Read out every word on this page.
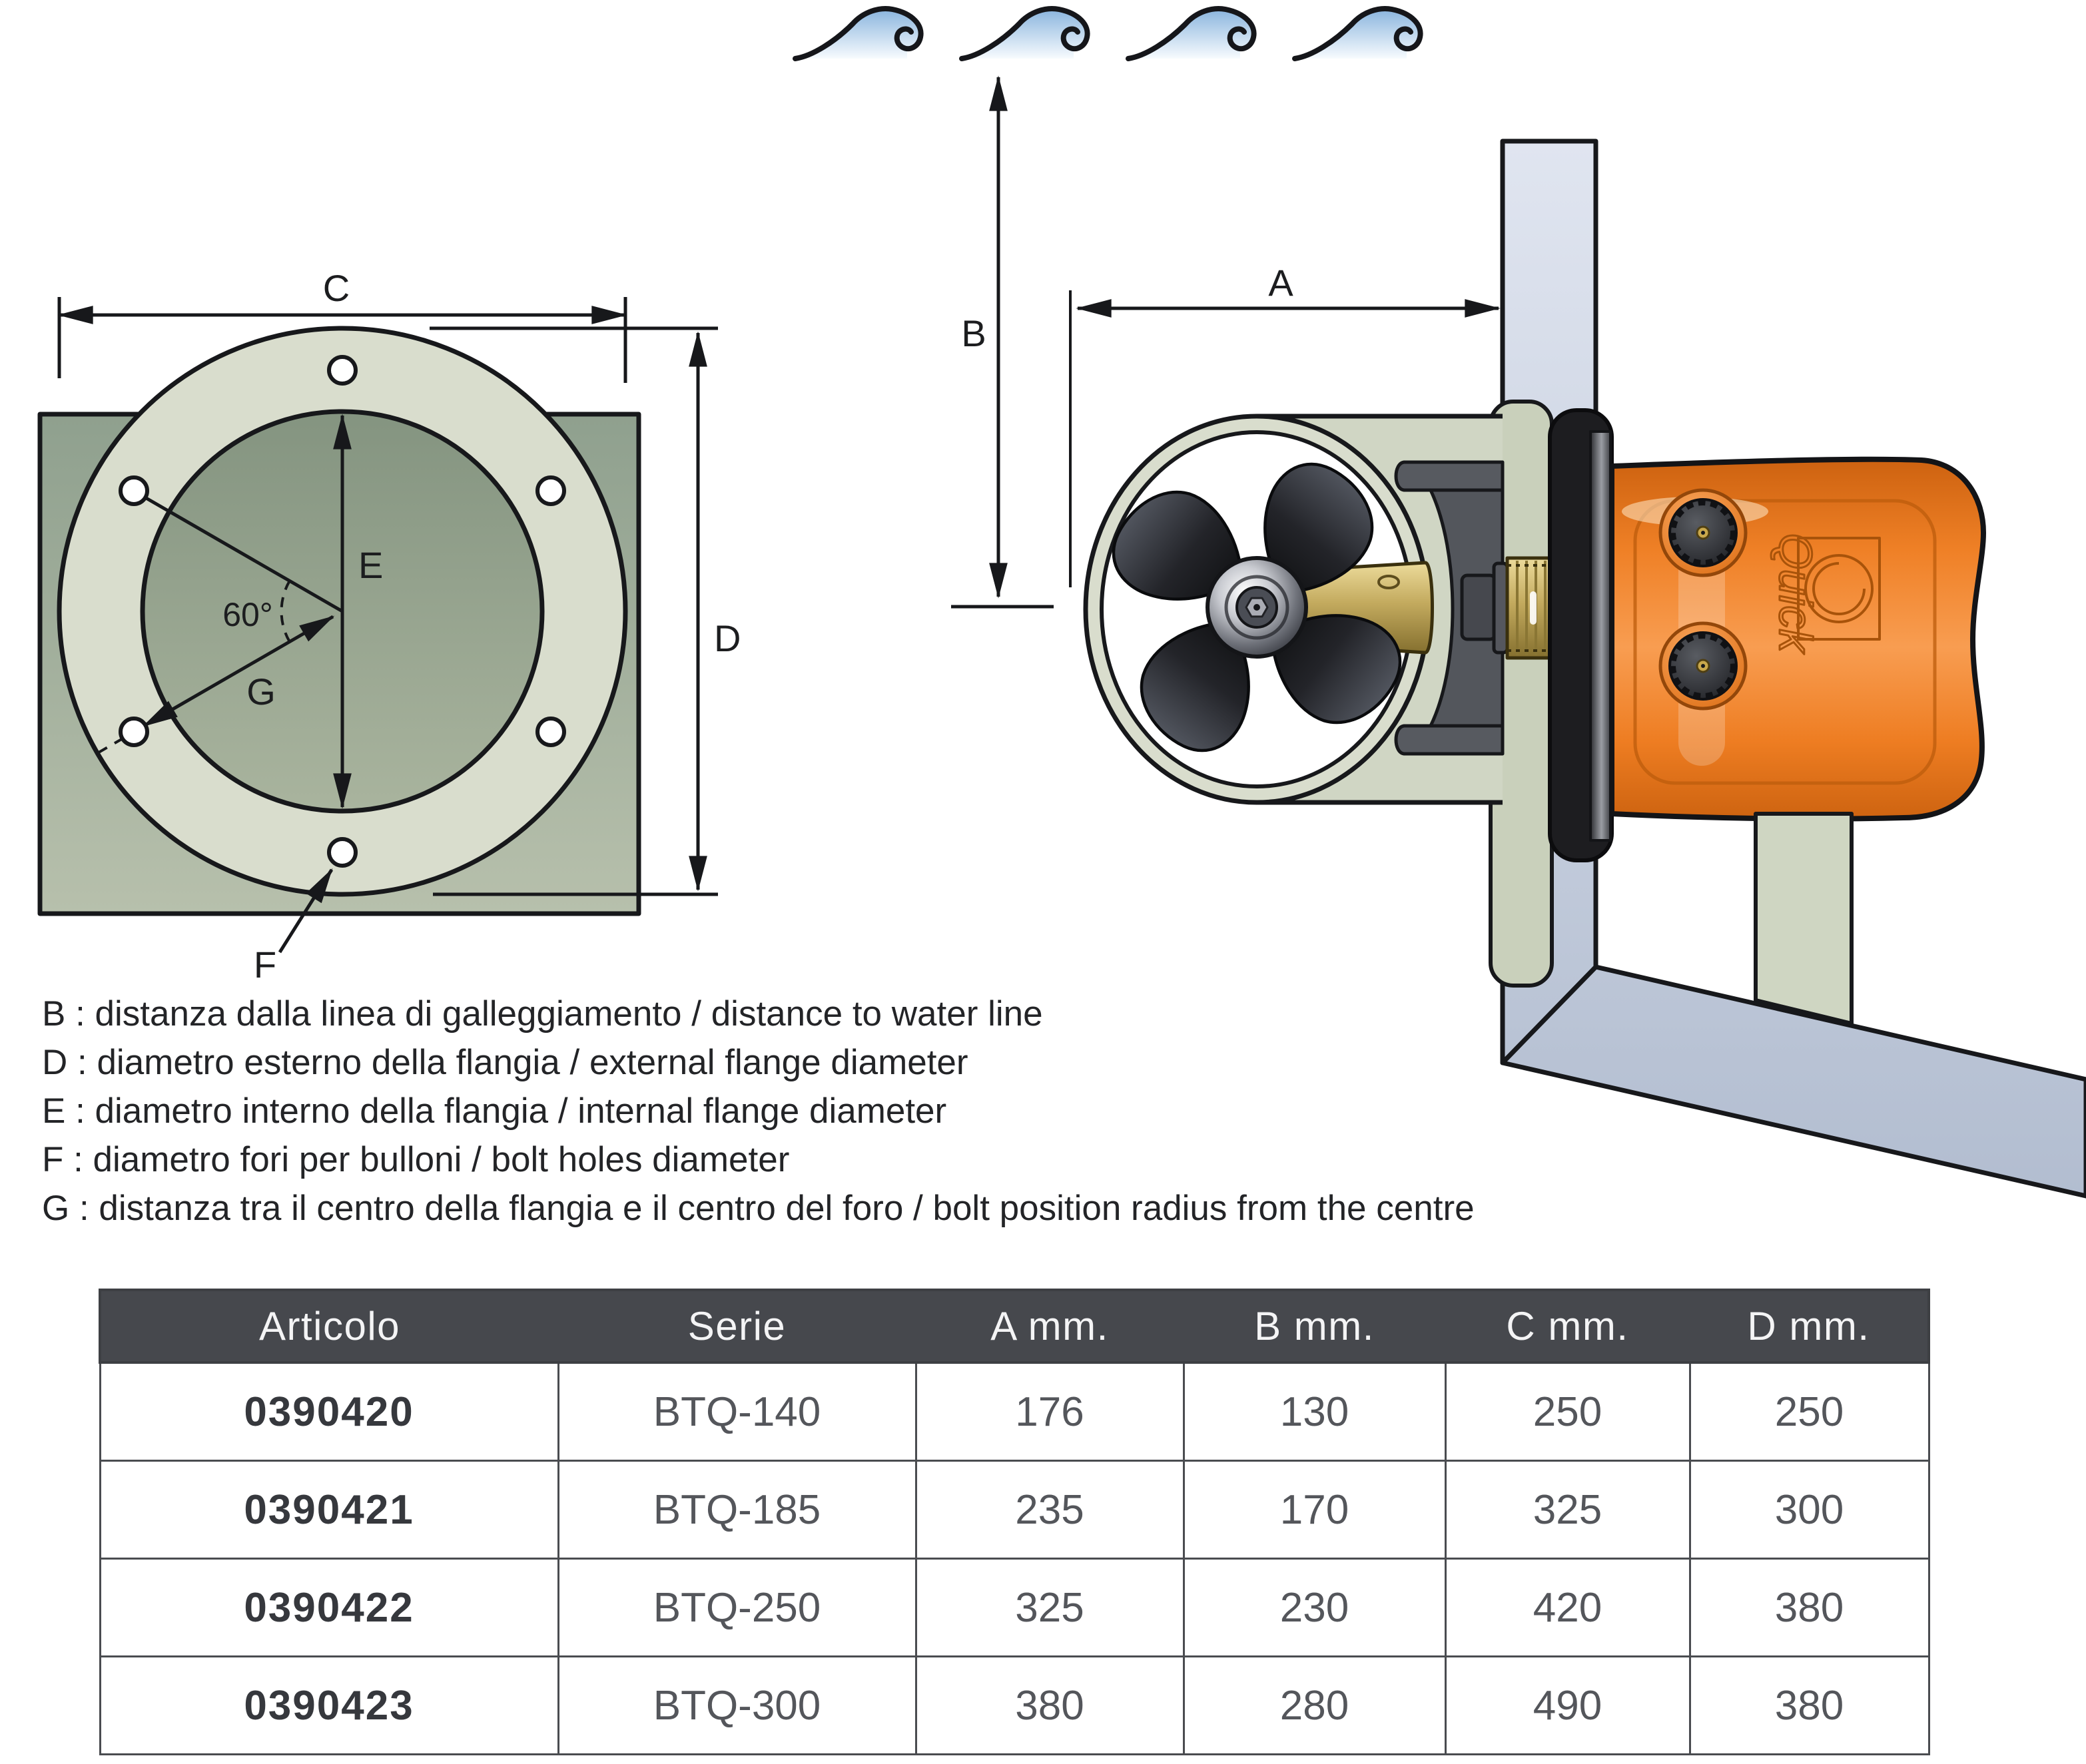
C
D
E
G
60°
F
Quick
B
A
B : distanza dalla linea di galleggiamento / distance to water line
D : diametro esterno della flangia / external flange diameter
E : diametro interno della flangia / internal flange diameter
F : diametro fori per bulloni / bolt holes diameter
G : distanza tra il centro della flangia e il centro del foro / bolt position radius from the centre
Articolo	Serie	A mm.	B mm.	C mm.	D mm.
0390420	BTQ-140	176	130	250	250
0390421	BTQ-185	235	170	325	300
0390422	BTQ-250	325	230	420	380
0390423	BTQ-300	380	280	490	380
